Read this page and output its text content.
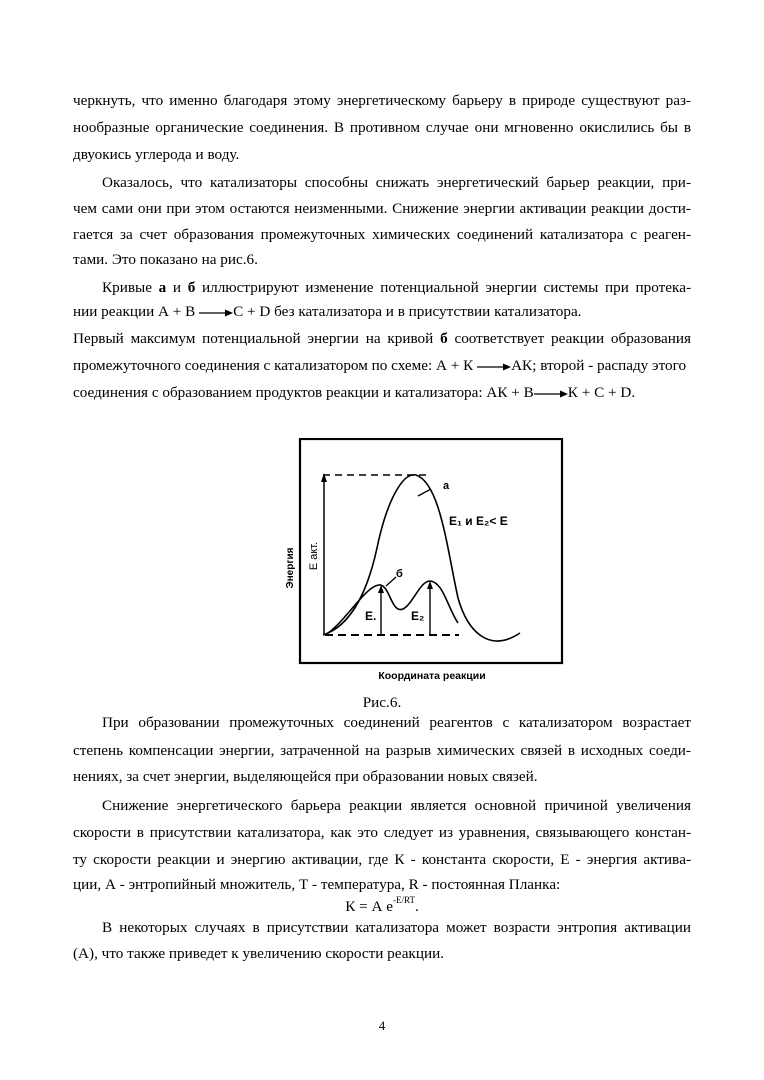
черкнуть, что именно благодаря этому энергетическому барьеру в природе существуют раз-
нообразные органические соединения. В противном случае они мгновенно окислились бы в
двуокись углерода и воду.
Оказалось, что катализаторы способны снижать энергетический барьер реакции, при-
чем сами они при этом остаются неизменными. Снижение энергии активации реакции дости-
гается за счет образования промежуточных химических соединений катализатора с реаген-
тами. Это показано на рис.6.
Кривые а и б иллюстрируют изменение потенциальной энергии системы при протека-
нии реакции А + В →С + D без катализатора и в присутствии катализатора.
Первый максимум потенциальной энергии на кривой б соответствует реакции образования
промежуточного соединения с катализатором по схеме: А + К →АК; второй - распаду этого
соединения с образованием продуктов реакции и катализатора: АК + В→К + С + D.
Энергия Е акт.
а
б
Е₁ и Е₂< Е
Е.	Е₂
Координата реакции
Рис.6.
При образовании промежуточных соединений реагентов с катализатором возрастает
степень компенсации энергии, затраченной на разрыв химических связей в исходных соеди-
нениях, за счет энергии, выделяющейся при образовании новых связей.
Снижение энергетического барьера реакции является основной причиной увеличения
скорости в присутствии катализатора, как это следует из уравнения, связывающего констан-
ту скорости реакции и энергию активации, где К - константа скорости, Е - энергия активa-
ции, А - энтропийный множитель, Т - температура, R - постоянная Планка:
К = А $е^{-E/RT}$.
В некоторых случаях в присутствии катализатора может возрасти энтропия активации
(А), что также приведет к увеличению скорости реакции.
4
